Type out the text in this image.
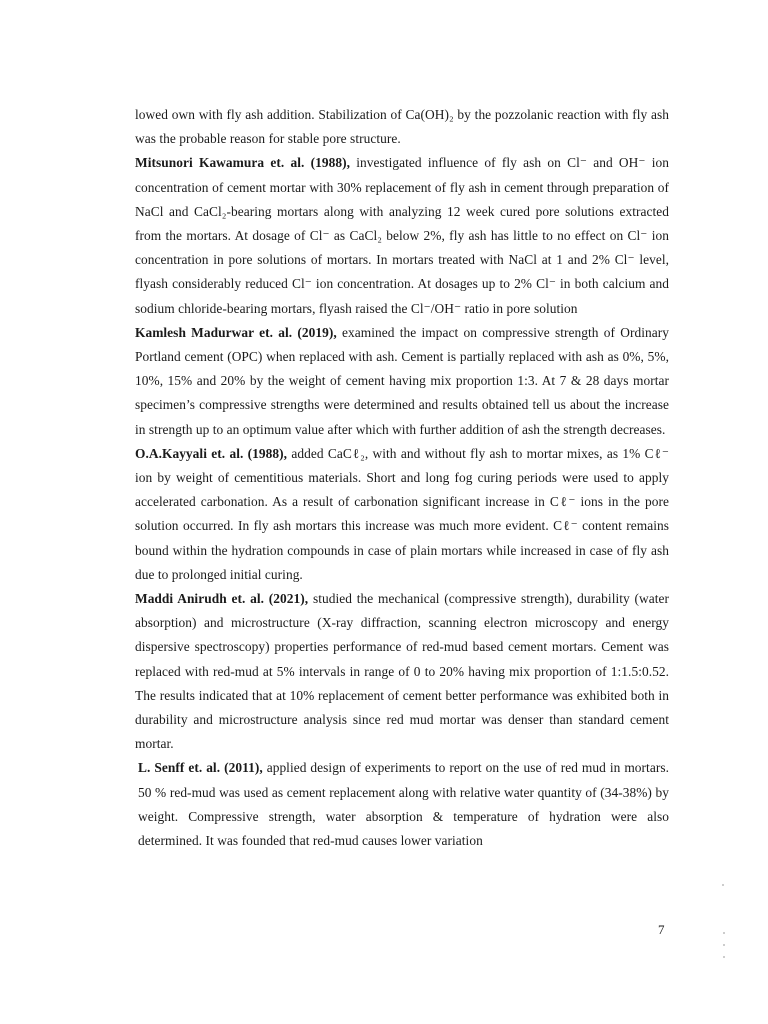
lowed own with fly ash addition. Stabilization of Ca(OH)₂ by the pozzolanic reaction with fly ash was the probable reason for stable pore structure.

Mitsunori Kawamura et. al. (1988), investigated influence of fly ash on Cl⁻ and OH⁻ ion concentration of cement mortar with 30% replacement of fly ash in cement through preparation of NaCl and CaCl₂-bearing mortars along with analyzing 12 week cured pore solutions extracted from the mortars. At dosage of Cl⁻ as CaCl₂ below 2%, fly ash has little to no effect on Cl⁻ ion concentration in pore solutions of mortars. In mortars treated with NaCl at 1 and 2% Cl⁻ level, flyash considerably reduced Cl⁻ ion concentration. At dosages up to 2% Cl⁻ in both calcium and sodium chloride-bearing mortars, flyash raised the Cl⁻/OH⁻ ratio in pore solution

Kamlesh Madurwar et. al. (2019), examined the impact on compressive strength of Ordinary Portland cement (OPC) when replaced with ash. Cement is partially replaced with ash as 0%, 5%, 10%, 15% and 20% by the weight of cement having mix proportion 1:3. At 7 & 28 days mortar specimen’s compressive strengths were determined and results obtained tell us about the increase in strength up to an optimum value after which with further addition of ash the strength decreases.

O.A.Kayyali et. al. (1988), added CaCℓ₂, with and without fly ash to mortar mixes, as 1% Cℓ⁻ ion by weight of cementitious materials. Short and long fog curing periods were used to apply accelerated carbonation. As a result of carbonation significant increase in Cℓ⁻ ions in the pore solution occurred. In fly ash mortars this increase was much more evident. Cℓ⁻ content remains bound within the hydration compounds in case of plain mortars while increased in case of fly ash due to prolonged initial curing.

Maddi Anirudh et. al. (2021), studied the mechanical (compressive strength), durability (water absorption) and microstructure (X-ray diffraction, scanning electron microscopy and energy dispersive spectroscopy) properties performance of red-mud based cement mortars. Cement was replaced with red-mud at 5% intervals in range of 0 to 20% having mix proportion of 1:1.5:0.52. The results indicated that at 10% replacement of cement better performance was exhibited both in durability and microstructure analysis since red mud mortar was denser than standard cement mortar.

L. Senff et. al. (2011), applied design of experiments to report on the use of red mud in mortars. 50 % red-mud was used as cement replacement along with relative water quantity of (34-38%) by weight. Compressive strength, water absorption & temperature of hydration were also determined. It was founded that red-mud causes lower variation

7
